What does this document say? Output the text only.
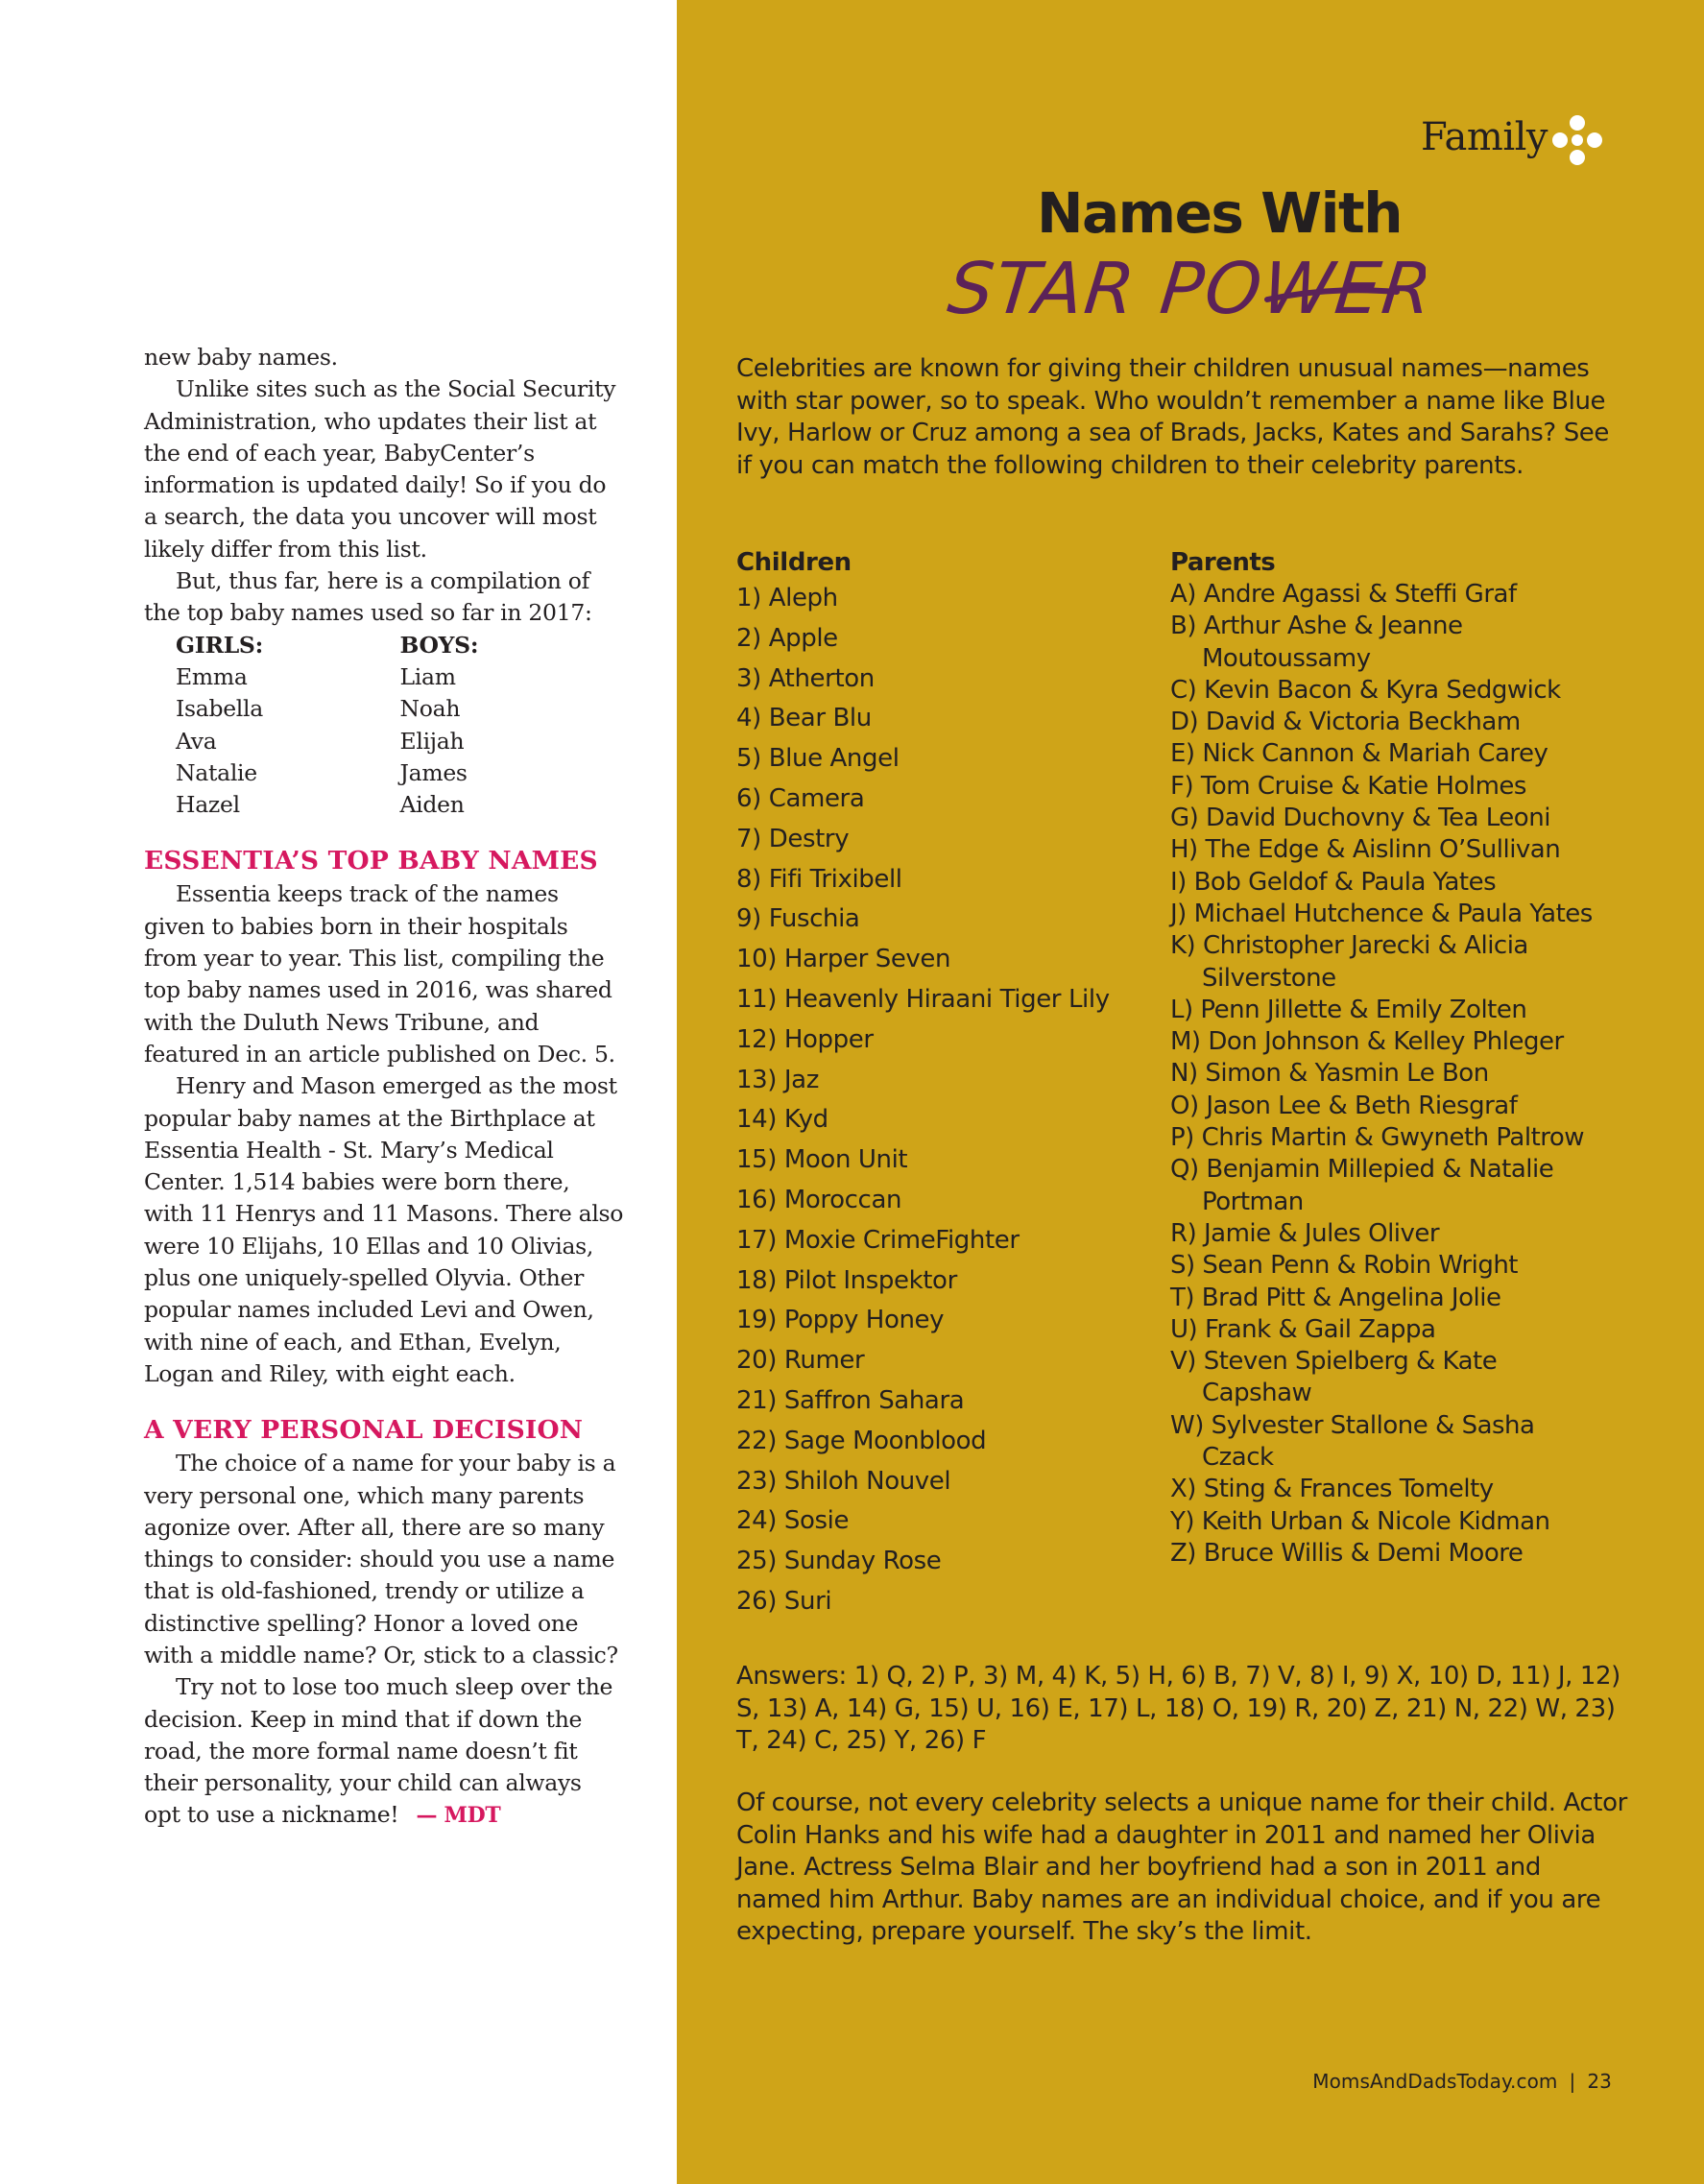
new baby names.

Unlike sites such as the Social Security Administration, who updates their list at the end of each year, BabyCenter’s information is updated daily! So if you do a search, the data you uncover will most likely differ from this list.

But, thus far, here is a compilation of the top baby names used so far in 2017:

GIRLS:
Emma
Isabella
Ava
Natalie
Hazel
BOYS:
Liam
Noah
Elijah
James
Aiden
ESSENTIA’S TOP BABY NAMES

Essentia keeps track of the names given to babies born in their hospitals from year to year. This list, compiling the top baby names used in 2016, was shared with the Duluth News Tribune, and featured in an article published on Dec. 5.

Henry and Mason emerged as the most popular baby names at the Birthplace at Essentia Health - St. Mary’s Medical Center. 1,514 babies were born there, with 11 Henrys and 11 Masons. There also were 10 Elijahs, 10 Ellas and 10 Olivias, plus one uniquely-spelled Olyvia. Other popular names included Levi and Owen, with nine of each, and Ethan, Evelyn, Logan and Riley, with eight each.

A VERY PERSONAL DECISION

The choice of a name for your baby is a very personal one, which many parents agonize over. After all, there are so many things to consider: should you use a name that is old-fashioned, trendy or utilize a distinctive spelling? Honor a loved one with a middle name? Or, stick to a classic?

Try not to lose too much sleep over the decision. Keep in mind that if down the road, the more formal name doesn’t fit their personality, your child can always opt to use a nickname! — MDT

Family
Names With
STAR POWER
Celebrities are known for giving their children unusual names—names with star power, so to speak. Who wouldn’t remember a name like Blue Ivy, Harlow or Cruz among a sea of Brads, Jacks, Kates and Sarahs? See if you can match the following children to their celebrity parents.
Children
1) Aleph
2) Apple
3) Atherton
4) Bear Blu
5) Blue Angel
6) Camera
7) Destry
8) Fifi Trixibell
9) Fuschia
10) Harper Seven
11) Heavenly Hiraani Tiger Lily
12) Hopper
13) Jaz
14) Kyd
15) Moon Unit
16) Moroccan
17) Moxie CrimeFighter
18) Pilot Inspektor
19) Poppy Honey
20) Rumer
21) Saffron Sahara
22) Sage Moonblood
23) Shiloh Nouvel
24) Sosie
25) Sunday Rose
26) Suri
Parents
A) Andre Agassi & Steffi Graf
B) Arthur Ashe & Jeanne Moutoussamy
C) Kevin Bacon & Kyra Sedgwick
D) David & Victoria Beckham
E) Nick Cannon & Mariah Carey
F) Tom Cruise & Katie Holmes
G) David Duchovny & Tea Leoni
H) The Edge & Aislinn O’Sullivan
I) Bob Geldof & Paula Yates
J) Michael Hutchence & Paula Yates
K) Christopher Jarecki & Alicia Silverstone
L) Penn Jillette & Emily Zolten
M) Don Johnson & Kelley Phleger
N) Simon & Yasmin Le Bon
O) Jason Lee & Beth Riesgraf
P) Chris Martin & Gwyneth Paltrow
Q) Benjamin Millepied & Natalie Portman
R) Jamie & Jules Oliver
S) Sean Penn & Robin Wright
T) Brad Pitt & Angelina Jolie
U) Frank & Gail Zappa
V) Steven Spielberg & Kate Capshaw
W) Sylvester Stallone & Sasha Czack
X) Sting & Frances Tomelty
Y) Keith Urban & Nicole Kidman
Z) Bruce Willis & Demi Moore
Answers: 1) Q, 2) P, 3) M, 4) K, 5) H, 6) B, 7) V, 8) I, 9) X, 10) D, 11) J, 12) S, 13) A, 14) G, 15) U, 16) E, 17) L, 18) O, 19) R, 20) Z, 21) N, 22) W, 23) T, 24) C, 25) Y, 26) F
Of course, not every celebrity selects a unique name for their child. Actor Colin Hanks and his wife had a daughter in 2011 and named her Olivia Jane. Actress Selma Blair and her boyfriend had a son in 2011 and named him Arthur. Baby names are an individual choice, and if you are expecting, prepare yourself. The sky’s the limit.
MomsAndDadsToday.com | 23
